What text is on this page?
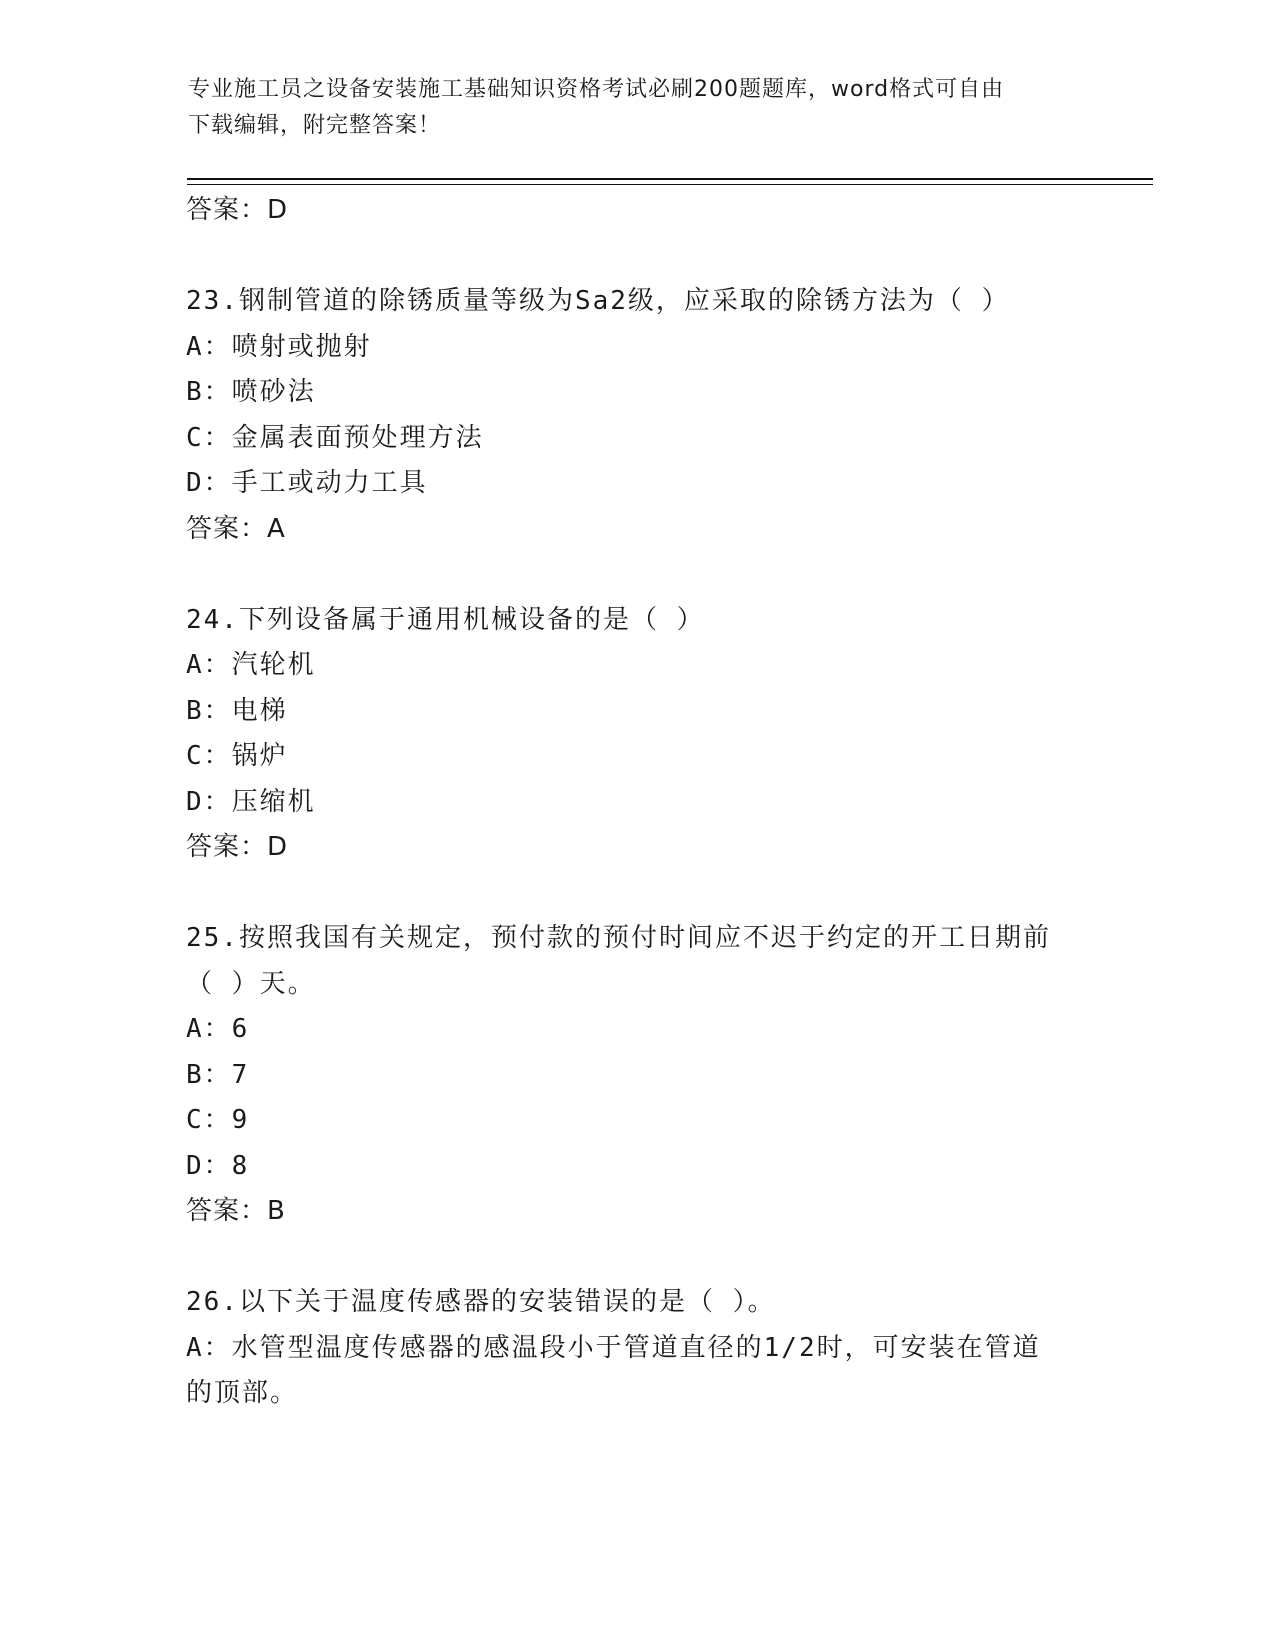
专业施工员之设备安装施工基础知识资格考试必刷200题题库，word格式可自由
下载编辑，附完整答案！
答案：D
23.钢制管道的除锈质量等级为Sa2级，应采取的除锈方法为（ ）
A：喷射或抛射
B：喷砂法
C：金属表面预处理方法
D：手工或动力工具
答案：A
24.下列设备属于通用机械设备的是（ ）
A：汽轮机
B：电梯
C：锅炉
D：压缩机
答案：D
25.按照我国有关规定，预付款的预付时间应不迟于约定的开工日期前
（ ）天。
A：6
B：7
C：9
D：8
答案：B
26.以下关于温度传感器的安装错误的是（ ）。
A：水管型温度传感器的感温段小于管道直径的1/2时，可安装在管道
的顶部。
